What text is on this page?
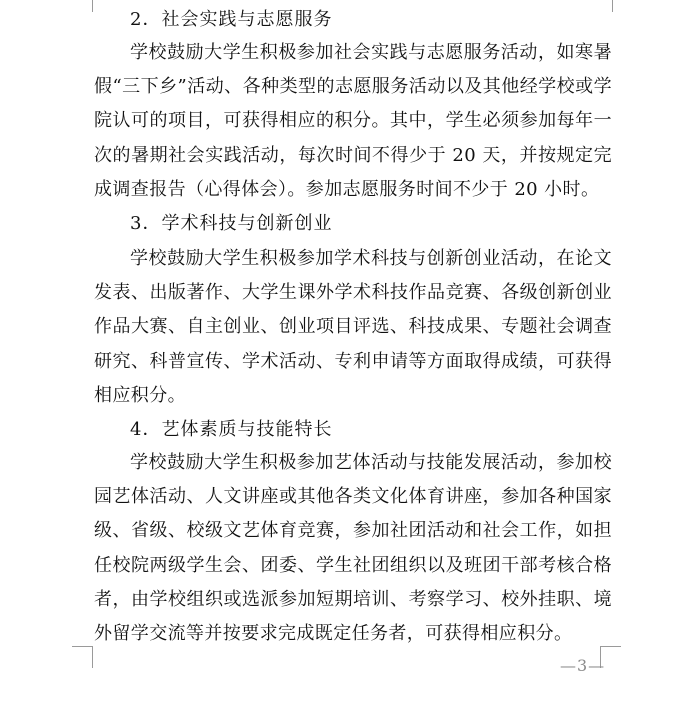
2．社会实践与志愿服务
学校鼓励大学生积极参加社会实践与志愿服务活动，如寒暑假“三下乡”活动、各种类型的志愿服务活动以及其他经学校或学院认可的项目，可获得相应的积分。其中，学生必须参加每年一次的暑期社会实践活动，每次时间不得少于 20 天，并按规定完成调查报告（心得体会）。参加志愿服务时间不少于 20 小时。
3．学术科技与创新创业
学校鼓励大学生积极参加学术科技与创新创业活动，在论文发表、出版著作、大学生课外学术科技作品竞赛、各级创新创业作品大赛、自主创业、创业项目评选、科技成果、专题社会调查研究、科普宣传、学术活动、专利申请等方面取得成绩，可获得相应积分。
4．艺体素质与技能特长
学校鼓励大学生积极参加艺体活动与技能发展活动，参加校园艺体活动、人文讲座或其他各类文化体育讲座，参加各种国家级、省级、校级文艺体育竞赛，参加社团活动和社会工作，如担任校院两级学生会、团委、学生社团组织以及班团干部考核合格者，由学校组织或选派参加短期培训、考察学习、校外挂职、境外留学交流等并按要求完成既定任务者，可获得相应积分。
—3—
